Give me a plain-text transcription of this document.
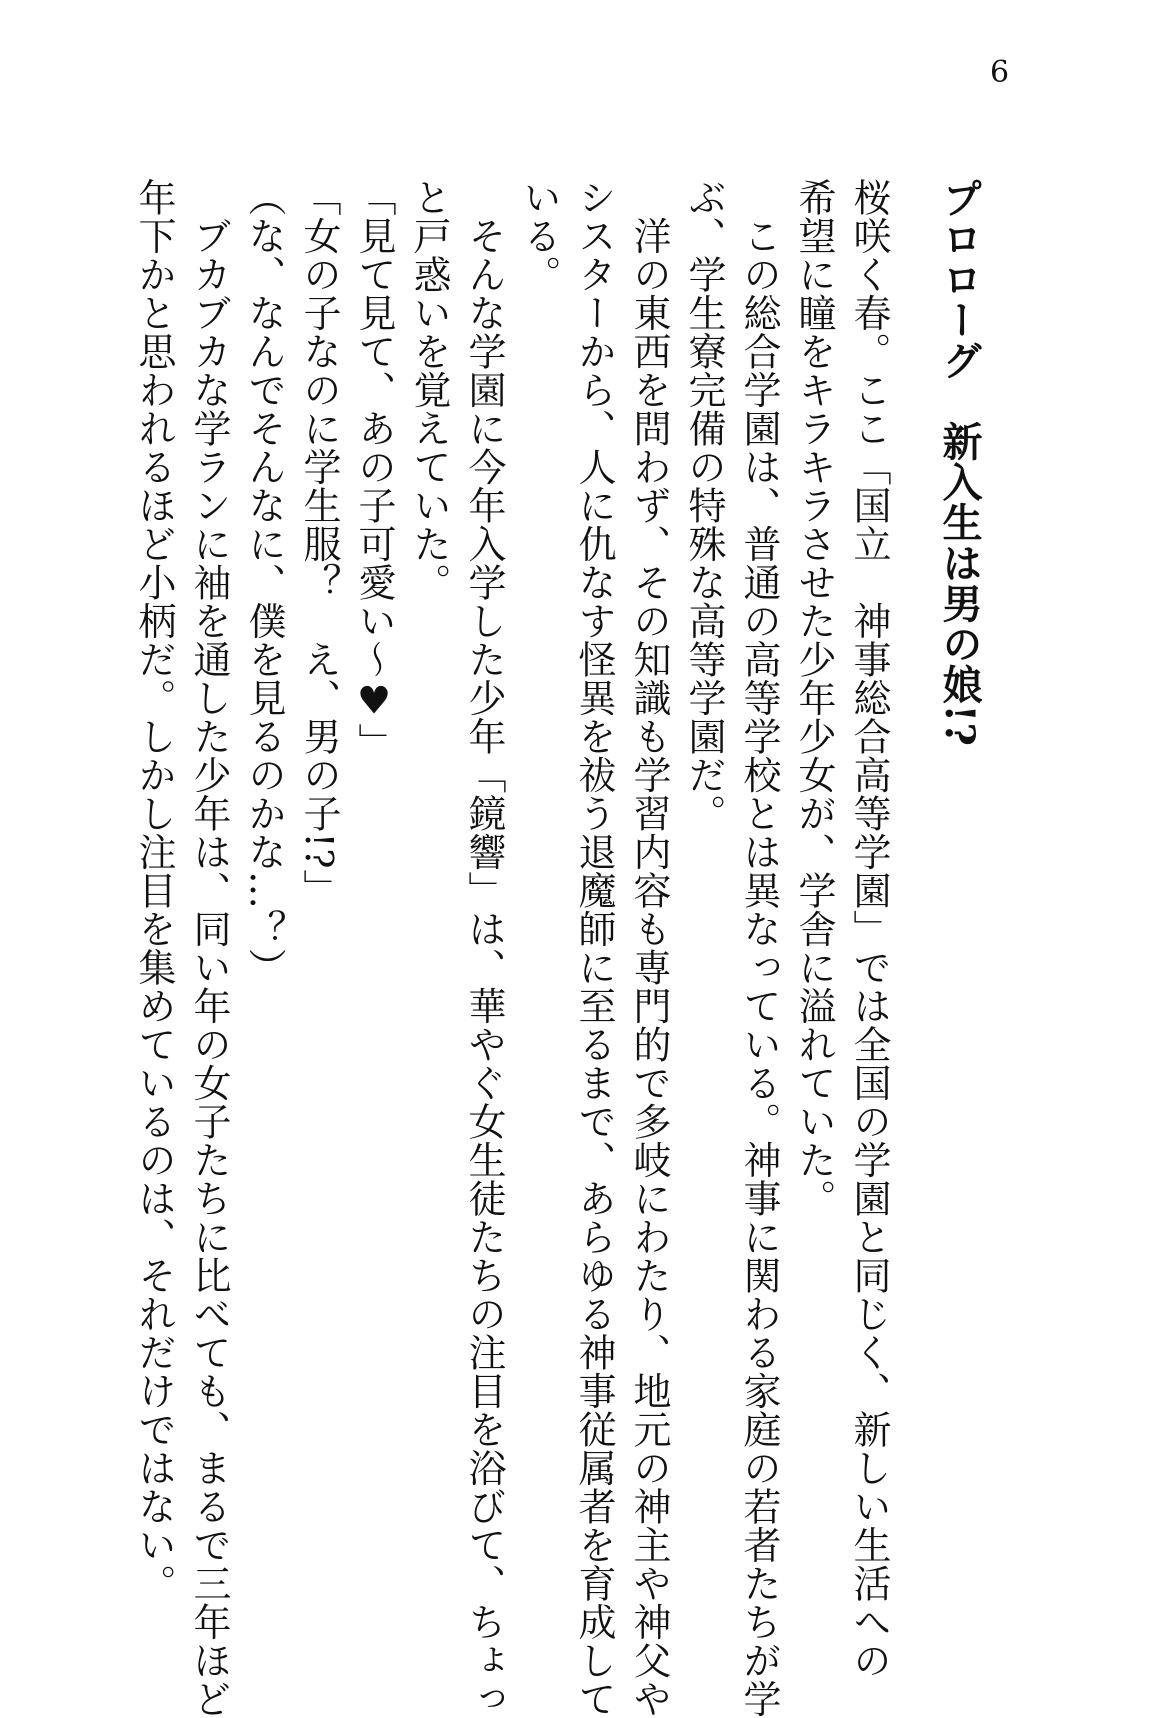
6
プロローグ　新入生は男の娘!?
桜咲く春。ここ「国立　神事総合高等学園」では全国の学園と同じく、新しい生活への
希望に瞳をキラキラさせた少年少女が、学舎に溢れていた。
　この総合学園は、普通の高等学校とは異なっている。神事に関わる家庭の若者たちが学
ぶ、学生寮完備の特殊な高等学園だ。
　洋の東西を問わず、その知識も学習内容も専門的で多岐にわたり、地元の神主や神父や
シスターから、人に仇なす怪異を祓う退魔師に至るまで、あらゆる神事従属者を育成して
いる。
　そんな学園に今年入学した少年「鏡響」は、華やぐ女生徒たちの注目を浴びて、ちょっ
と戸惑いを覚えていた。
「見て見て、あの子可愛い～♥」
「女の子なのに学生服？　え、男の子!?」
（な、なんでそんなに、僕を見るのかな…？）
　ブカブカな学ランに袖を通した少年は、同い年の女子たちに比べても、まるで三年ほど
年下かと思われるほど小柄だ。しかし注目を集めているのは、それだけではない。
